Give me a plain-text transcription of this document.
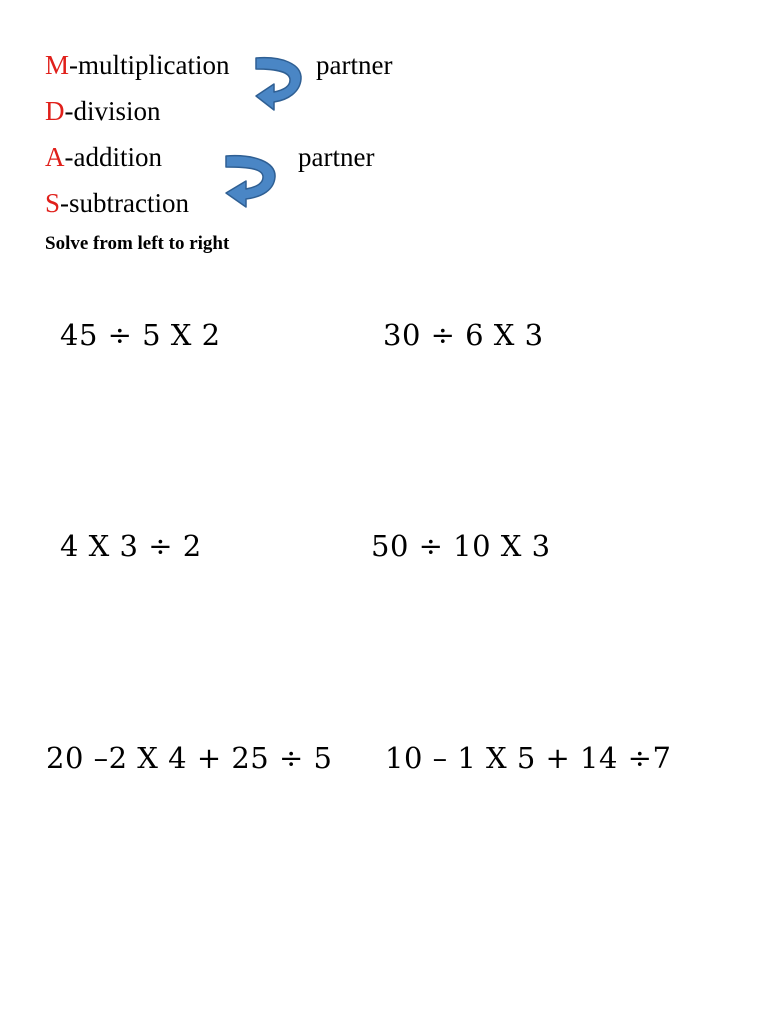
M-multiplication
D-division
A-addition
S-subtraction
partner
partner
Solve from left to right
45 ÷ 5 X 2	30 ÷ 6 X 3
4 X 3 ÷ 2	50 ÷ 10 X 3
20 –2 X 4 + 25 ÷ 5 10 – 1 X 5 + 14 ÷7
